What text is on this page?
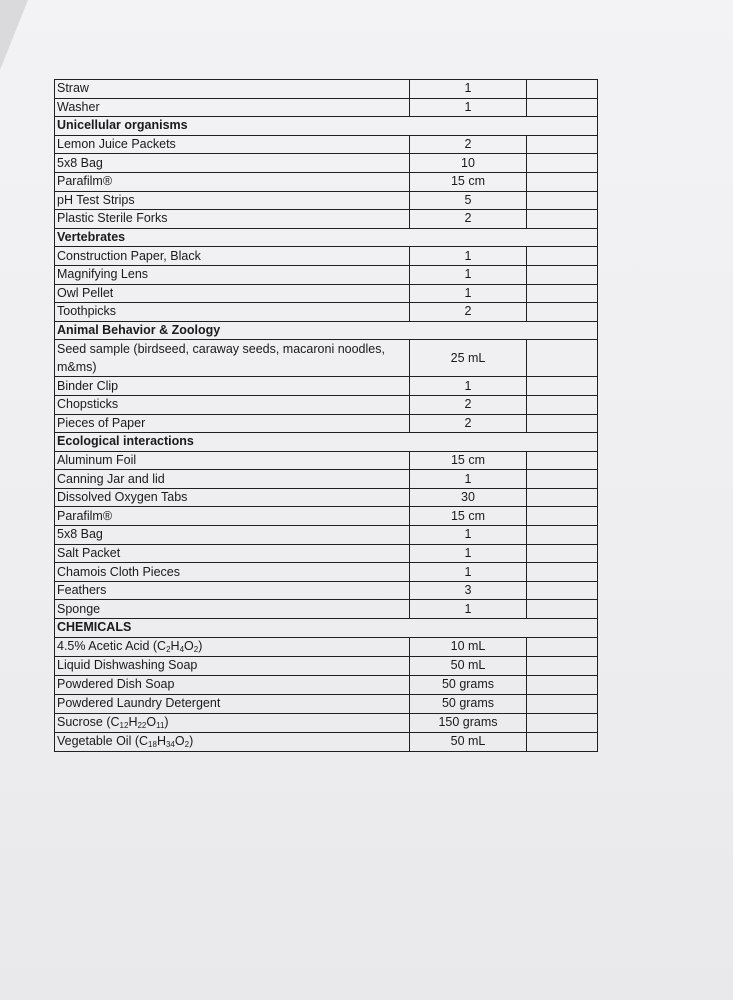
Straw	1	
Washer	1	
Unicellular organisms		
Lemon Juice Packets	2	
5x8 Bag	10	
Parafilm®	15 cm	
pH Test Strips	5	
Plastic Sterile Forks	2	
Vertebrates		
Construction Paper, Black	1	
Magnifying Lens	1	
Owl Pellet	1	
Toothpicks	2	
Animal Behavior & Zoology		
Seed sample (birdseed, caraway seeds, macaroni noodles, m&ms)	25 mL	
Binder Clip	1	
Chopsticks	2	
Pieces of Paper	2	
Ecological interactions		
Aluminum Foil	15 cm	
Canning Jar and lid	1	
Dissolved Oxygen Tabs	30	
Parafilm®	15 cm	
5x8 Bag	1	
Salt Packet	1	
Chamois Cloth Pieces	1	
Feathers	3	
Sponge	1	
CHEMICALS		
4.5% Acetic Acid $(C_2H_4O_2)$	10 mL	
Liquid Dishwashing Soap	50 mL	
Powdered Dish Soap	50 grams	
Powdered Laundry Detergent	50 grams	
Sucrose $(C_{12}H_{22}O_{11})$	150 grams	
Vegetable Oil $(C_{18}H_{34}O_2)$	50 mL	
